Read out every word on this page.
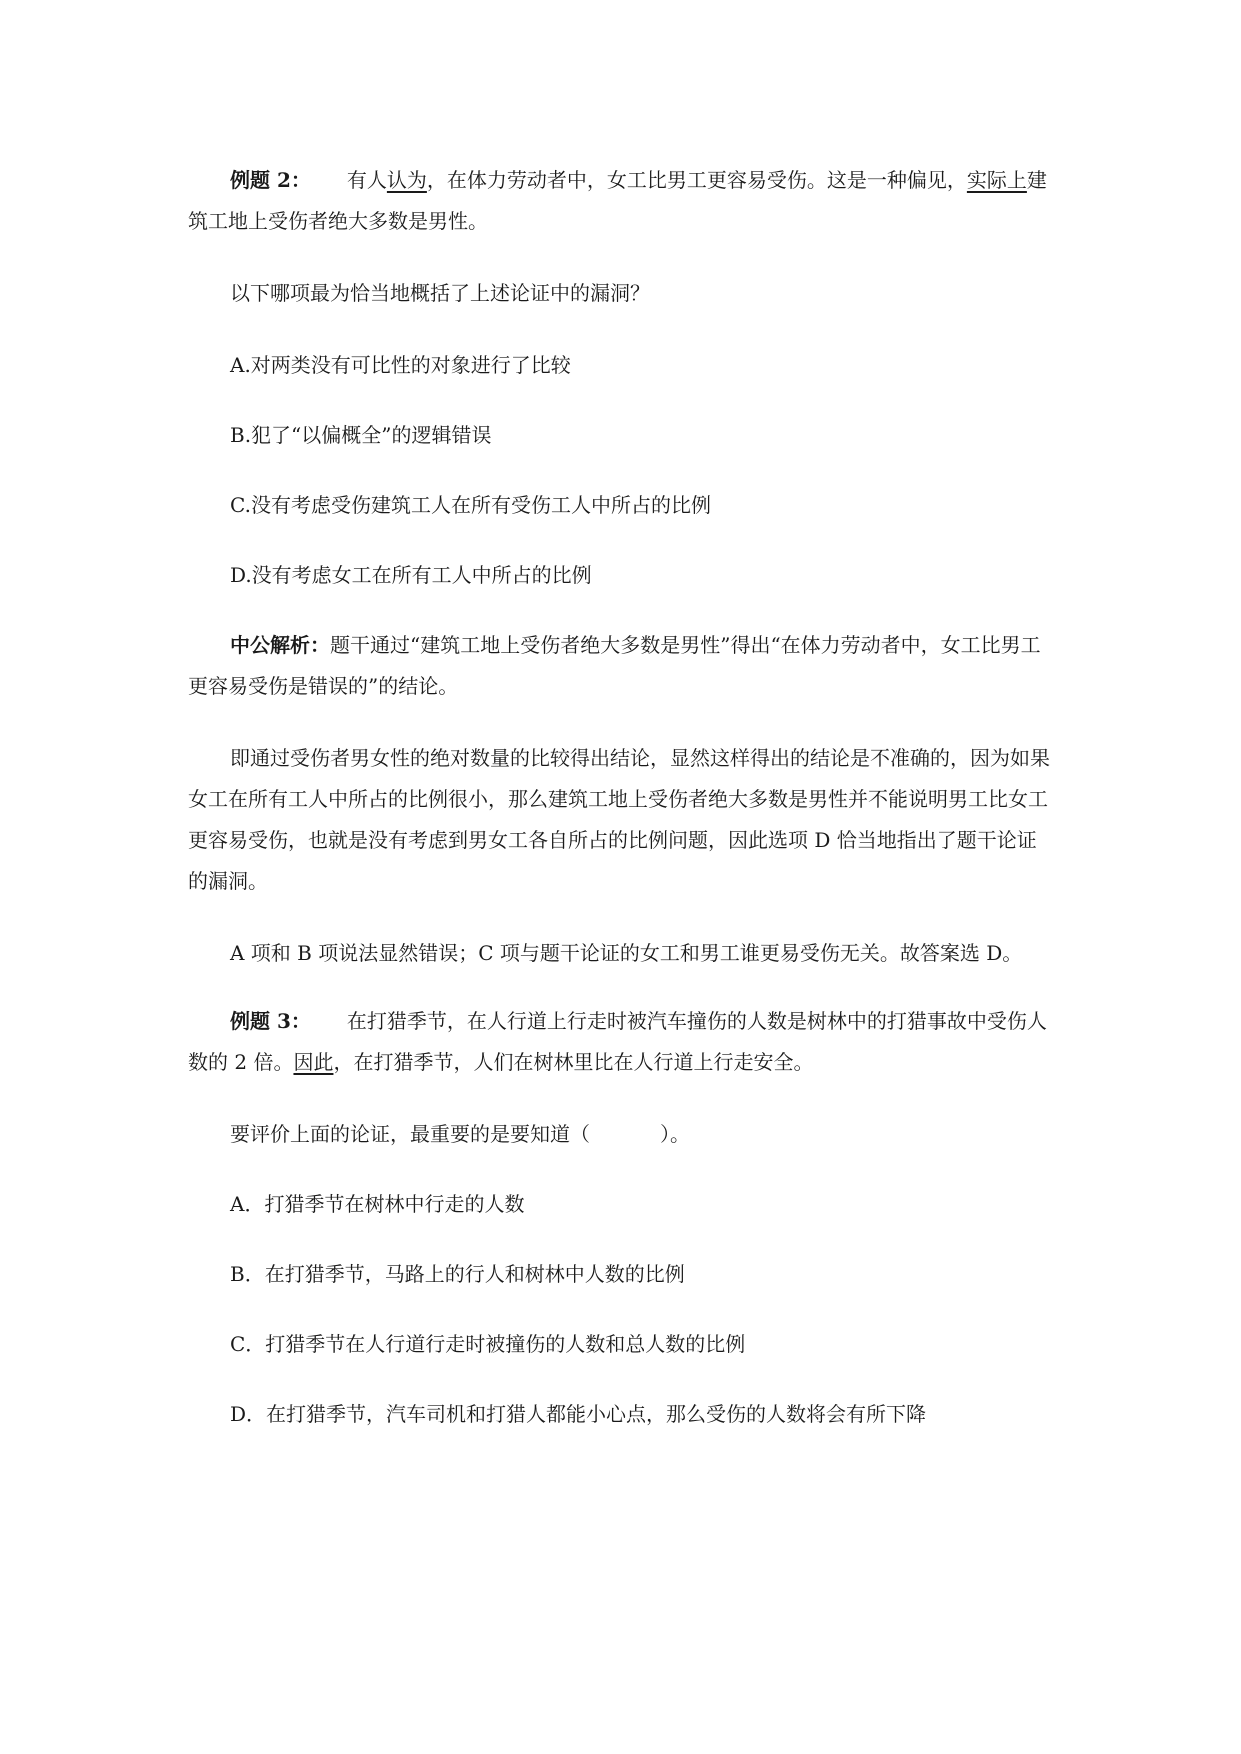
例题 2： 有人认为，在体力劳动者中，女工比男工更容易受伤。这是一种偏见，实际上建筑工地上受伤者绝大多数是男性。

以下哪项最为恰当地概括了上述论证中的漏洞？

A.对两类没有可比性的对象进行了比较

B.犯了“以偏概全”的逻辑错误

C.没有考虑受伤建筑工人在所有受伤工人中所占的比例

D.没有考虑女工在所有工人中所占的比例

中公解析：题干通过“建筑工地上受伤者绝大多数是男性”得出“在体力劳动者中，女工比男工更容易受伤是错误的”的结论。

即通过受伤者男女性的绝对数量的比较得出结论，显然这样得出的结论是不准确的，因为如果女工在所有工人中所占的比例很小，那么建筑工地上受伤者绝大多数是男性并不能说明男工比女工更容易受伤，也就是没有考虑到男女工各自所占的比例问题，因此选项 D 恰当地指出了题干论证的漏洞。

A 项和 B 项说法显然错误；C 项与题干论证的女工和男工谁更易受伤无关。故答案选 D。

例题 3： 在打猎季节，在人行道上行走时被汽车撞伤的人数是树林中的打猎事故中受伤人数的 2 倍。因此，在打猎季节，人们在树林里比在人行道上行走安全。

要评价上面的论证，最重要的是要知道（	）。

A．打猎季节在树林中行走的人数

B．在打猎季节，马路上的行人和树林中人数的比例

C．打猎季节在人行道行走时被撞伤的人数和总人数的比例

D．在打猎季节，汽车司机和打猎人都能小心点，那么受伤的人数将会有所下降
